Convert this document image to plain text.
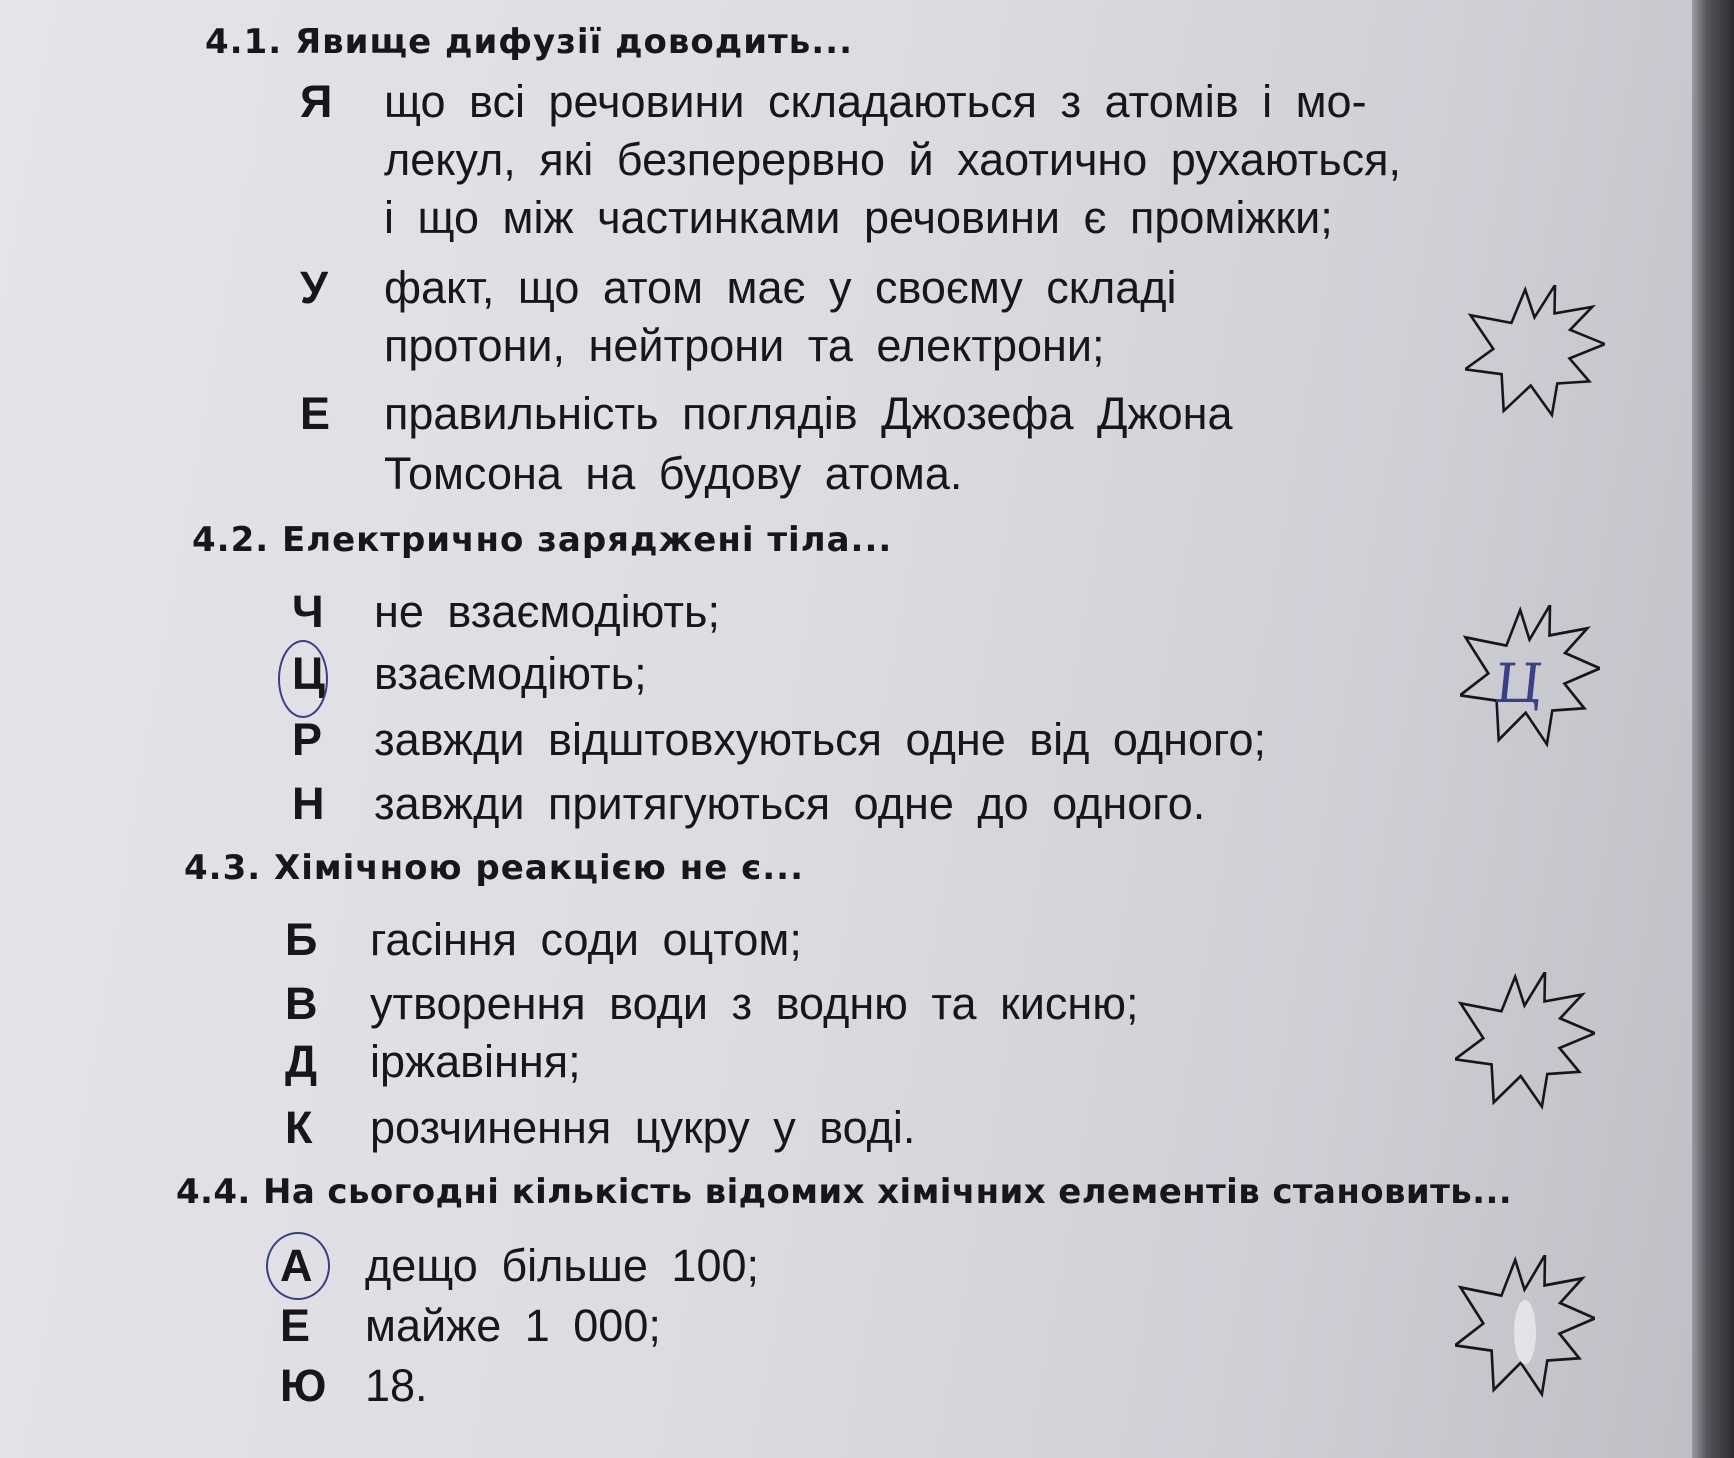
4.1. Явище дифузії доводить...
Я що всі речовини складаються з атомів і мо-
лекул, які безперервно й хаотично рухаються,
і що між частинками речовини є проміжки;
У факт, що атом має у своєму складі
протони, нейтрони та електрони;
Е правильність поглядів Джозефа Джона
Томсона на будову атома.
4.2. Електрично заряджені тіла...
Ч не взаємодіють;
Ц взаємодіють;
Р завжди відштовхуються одне від одного;
Н завжди притягуються одне до одного.
Ц
4.3. Хімічною реакцією не є...
Б гасіння соди оцтом;
В утворення води з водню та кисню;
Д іржавіння;
К розчинення цукру у воді.
4.4. На сьогодні кількість відомих хімічних елементів становить...
А дещо більше 100;
Е майже 1 000;
Ю 18.
